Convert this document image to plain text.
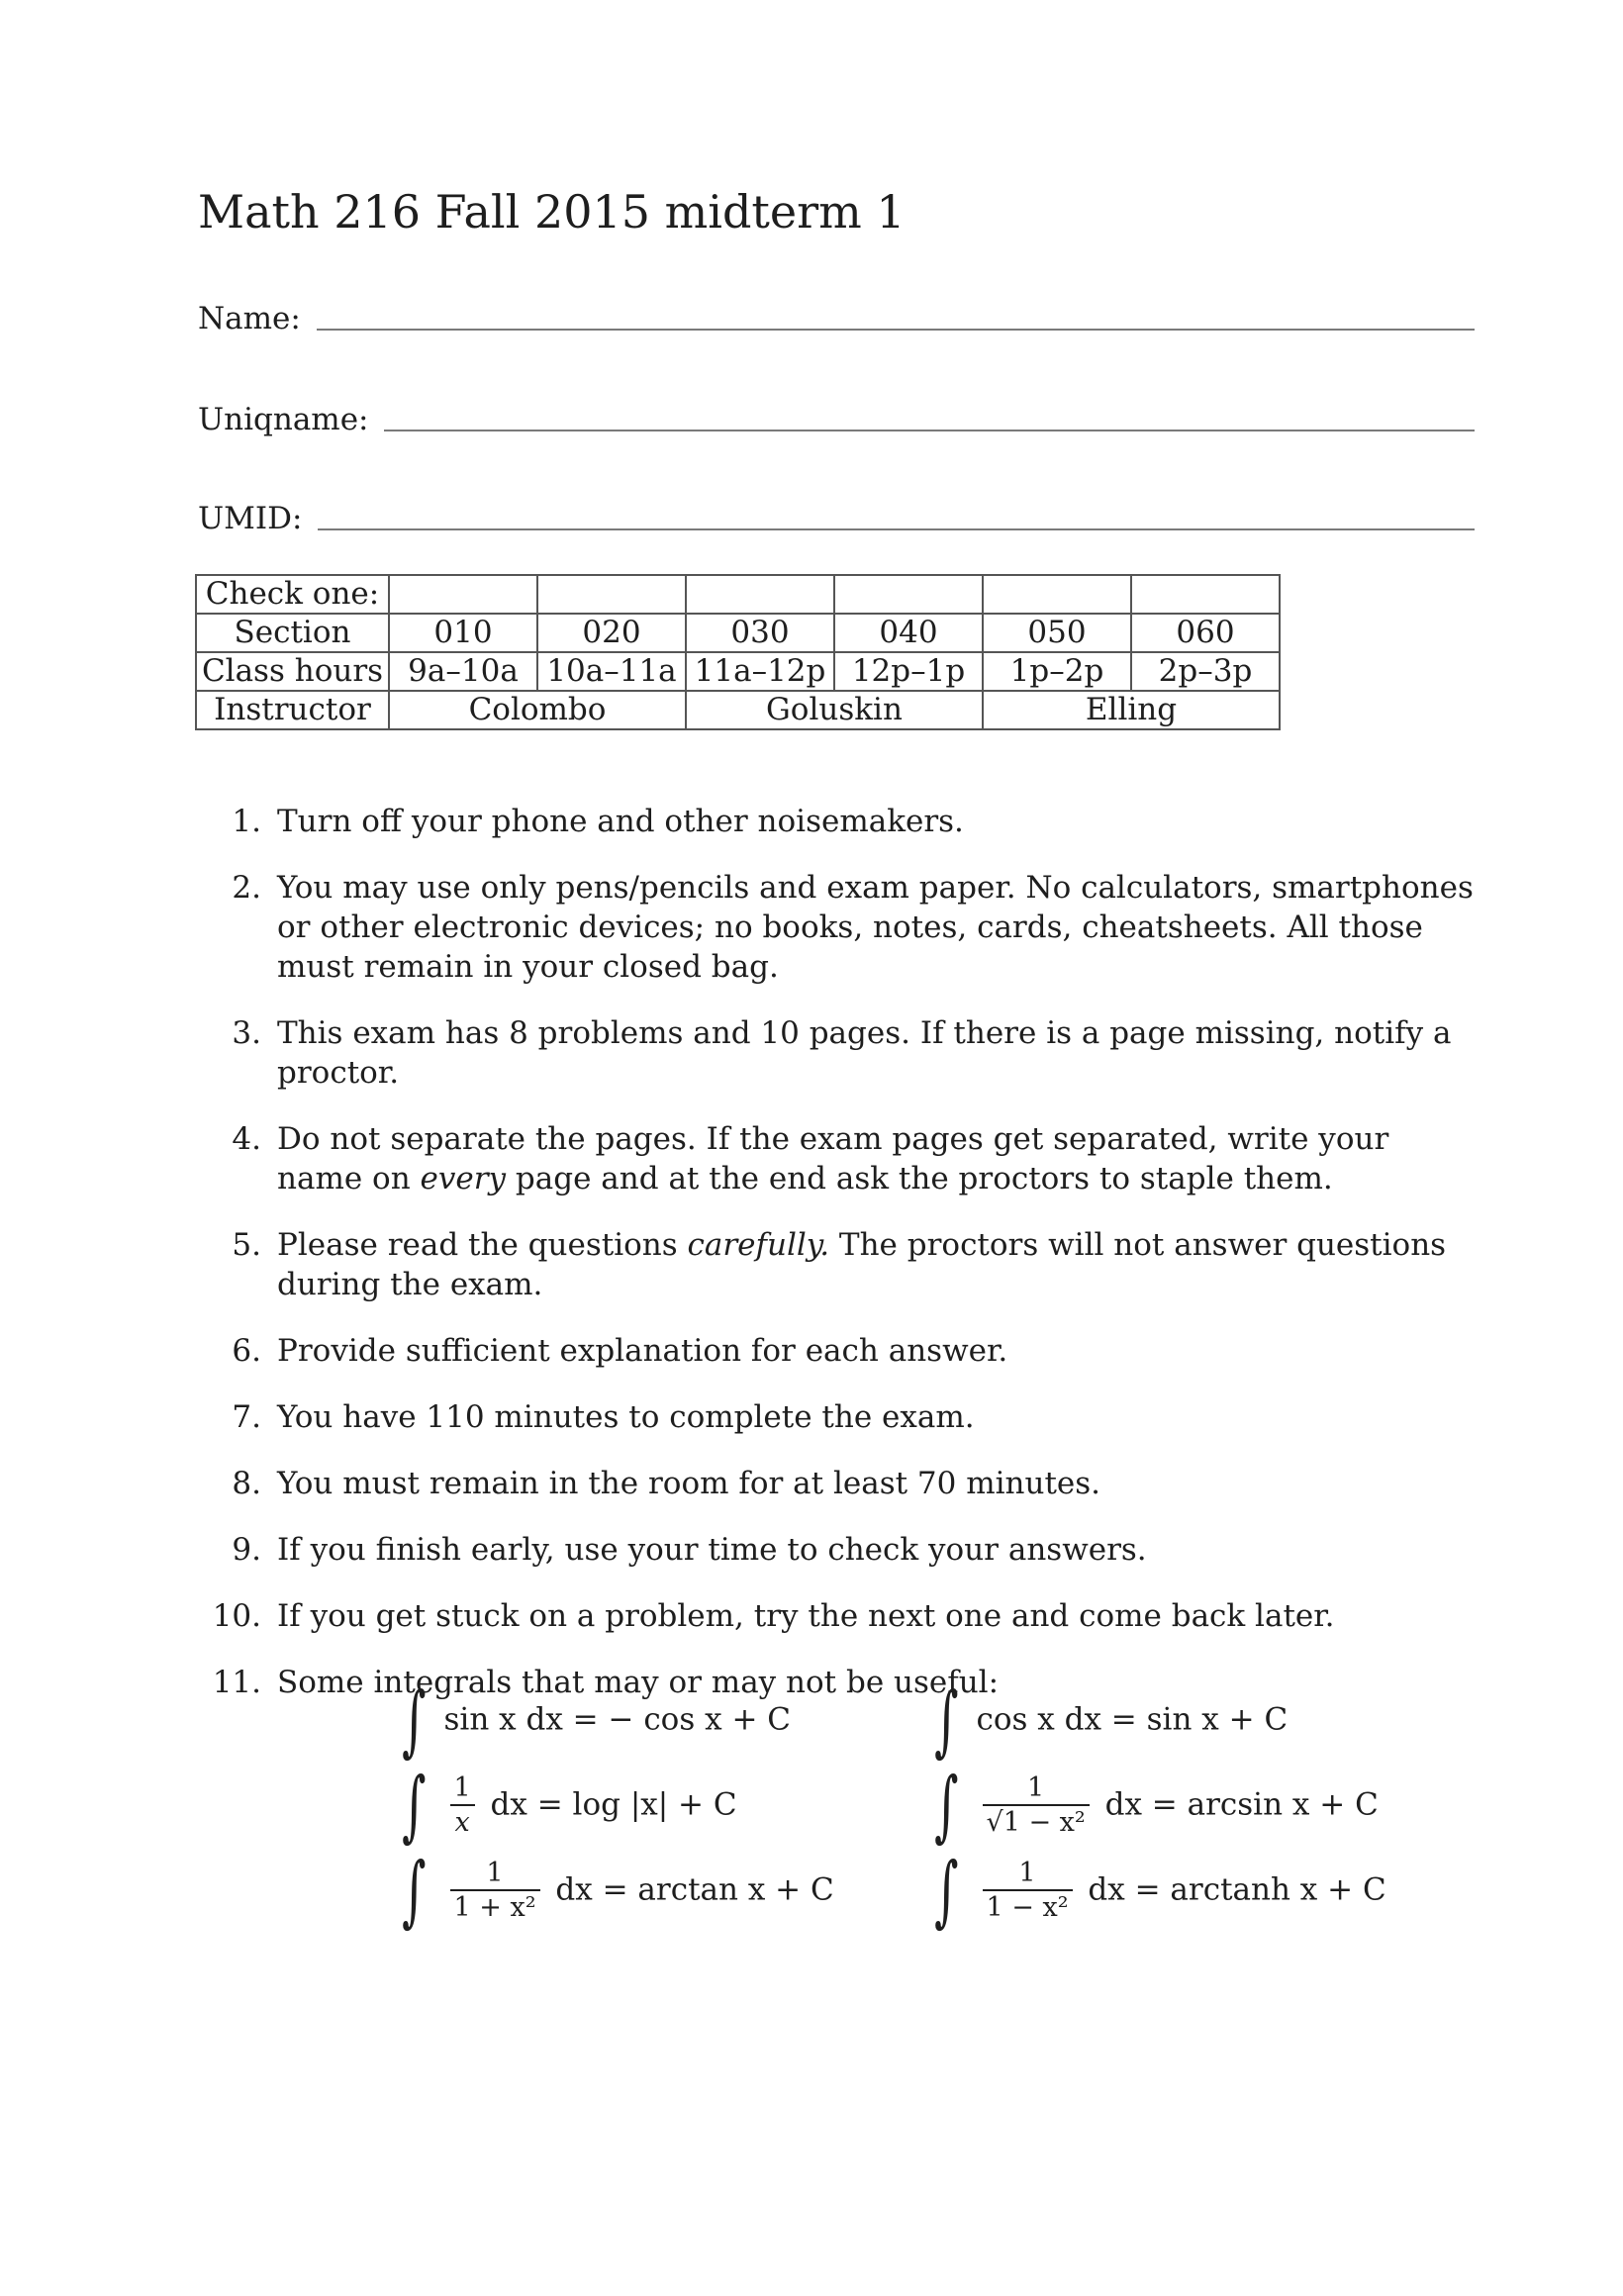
Math 216 Fall 2015 midterm 1
Name:
Uniqname:
UMID:
Check one:						
Section	010	020	030	040	050	060
Class hours	9a–10a	10a–11a	11a–12p	12p–1p	1p–2p	2p–3p
Instructor	Colombo		Goluskin		Elling	
1. Turn off your phone and other noisemakers.
2. You may use only pens/pencils and exam paper. No calculators, smartphones or other electronic devices; no books, notes, cards, cheatsheets. All those must remain in your closed bag.
3. This exam has 8 problems and 10 pages. If there is a page missing, notify a proctor.
4. Do not separate the pages. If the exam pages get separated, write your name on every page and at the end ask the proctors to staple them.
5. Please read the questions carefully. The proctors will not answer questions during the exam.
6. Provide sufficient explanation for each answer.
7. You have 110 minutes to complete the exam.
8. You must remain in the room for at least 70 minutes.
9. If you finish early, use your time to check your answers.
10. If you get stuck on a problem, try the next one and come back later.
11. Some integrals that may or may not be useful:
∫ sin x dx = − cos x + C ∫ cos x dx = sin x + C
∫ $\frac{1}{x}$ dx = log |x| + C	∫ $\frac{1}{\text{√1 − x²}}$ dx = arcsin x + C
∫ $\frac{1}{\text{1 + x²}}$ dx = arctan x + C ∫ $\frac{1}{\text{1 − x²}}$ dx = arctanh x + C
